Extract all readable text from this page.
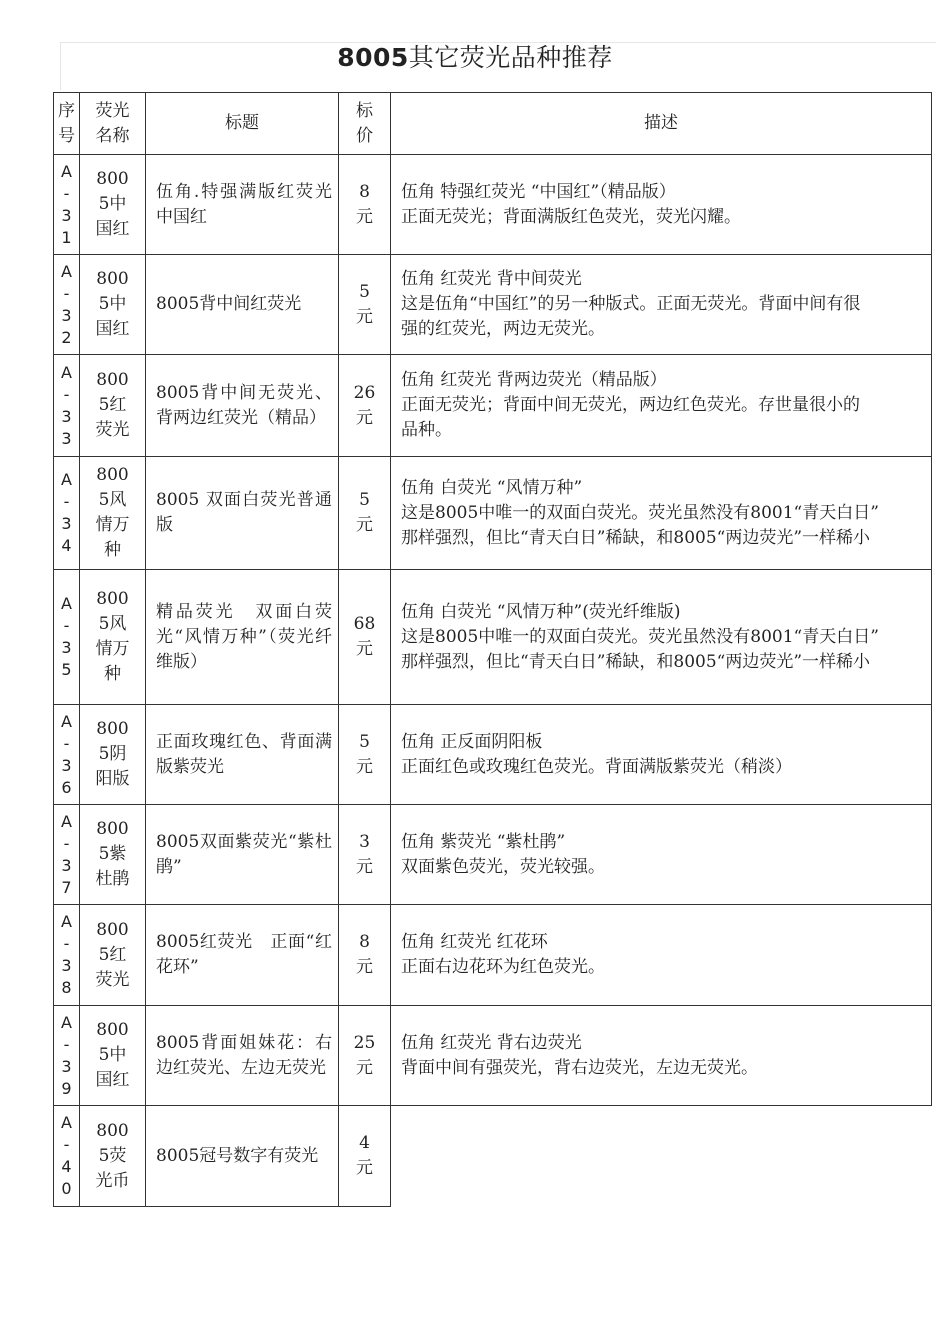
8005其它荧光品种推荐
序号	荧光名称	标题	标价	描述
A-31	8005中国红	伍角.特强满版红荧光　中国红	8元	伍角 特强红荧光 “中国红”（精品版）
正面无荧光；背面满版红色荧光，荧光闪耀。

A-32	8005中国红	8005背中间红荧光	5元	伍角 红荧光 背中间荧光
这是伍角“中国红”的另一种版式。正面无荧光。背面中间有很
强的红荧光，两边无荧光。

A-33	8005红荧光	8005背中间无荧光、背两边红荧光（精品）	26元	伍角 红荧光 背两边荧光（精品版）
正面无荧光；背面中间无荧光，两边红色荧光。存世量很小的
品种。

A-34	8005风情万种	8005 双面白荧光普通版	5元	伍角 白荧光 “风情万种”
这是8005中唯一的双面白荧光。荧光虽然没有8001“青天白日”
那样强烈，但比“青天白日”稀缺，和8005“两边荧光”一样稀小

A-35	8005风情万种	精品荧光　双面白荧光“风情万种”（荧光纤维版）	68元	伍角 白荧光 “风情万种”(荧光纤维版)
这是8005中唯一的双面白荧光。荧光虽然没有8001“青天白日”
那样强烈，但比“青天白日”稀缺，和8005“两边荧光”一样稀小

A-36	8005阴阳版	正面玫瑰红色、背面满版紫荧光	5元	伍角 正反面阴阳板
正面红色或玫瑰红色荧光。背面满版紫荧光（稍淡）

A-37	8005紫杜鹃	8005双面紫荧光“紫杜鹃”	3元	伍角 紫荧光 “紫杜鹃”
双面紫色荧光，荧光较强。

A-38	8005红荧光	8005红荧光　正面“红花环”	8元	伍角 红荧光 红花环
正面右边花环为红色荧光。

A-39	8005中国红	8005背面姐妹花：右边红荧光、左边无荧光	25元	伍角 红荧光 背右边荧光
背面中间有强荧光，背右边荧光，左边无荧光。

A-40	8005荧光币	8005冠号数字有荧光	4元	
